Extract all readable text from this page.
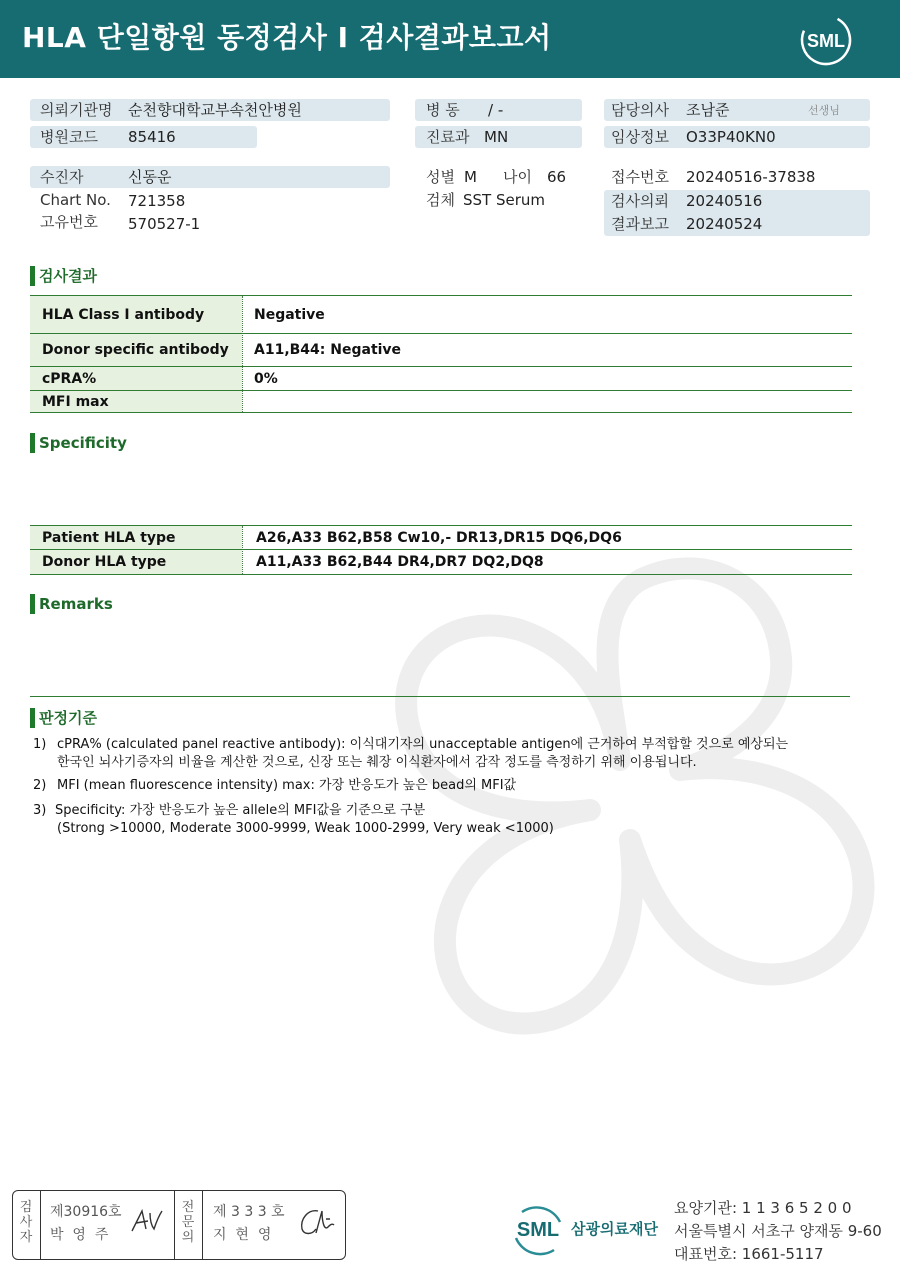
HLA 단일항원 동정검사 I 검사결과보고서	SML
의뢰기관명 순천향대학교부속천안병원
병원코드 85416
수진자	신동운
Chart No. 721358
고유번호 570527-1
병 동 / -
진료과 MN
성별 M 나이 66
검체 SST Serum
담당의사 조남준	선생님
임상정보 O33P40KN0
접수번호 20240516-37838
검사의뢰 20240516
결과보고 20240524
검사결과
HLA Class I antibody	Negative
Donor specific antibody A11,B44: Negative
cPRA%	0%
MFI max
Specificity
Patient HLA type	A26,A33 B62,B58 Cw10,- DR13,DR15 DQ6,DQ6
Donor HLA type	A11,A33 B62,B44 DR4,DR7 DQ2,DQ8
Remarks
판정기준
1) cPRA% (calculated panel reactive antibody): 이식대기자의 unacceptable antigen에 근거하여 부적합할 것으로 예상되는
한국인 뇌사기증자의 비율을 계산한 것으로, 신장 또는 췌장 이식환자에서 감작 정도를 측정하기 위해 이용됩니다.
2) MFI (mean fluorescence intensity) max: 가장 반응도가 높은 bead의 MFI값
3) Specificity: 가장 반응도가 높은 allele의 MFI값을 기준으로 구분
(Strong >10000, Moderate 3000-9999, Weak 1000-2999, Very weak <1000)
검
사
자
제30916호
박  영  주
전
문
의
제 3 3 3 호
지  현  영	SML 삼광의료재단
요양기관: 1 1 3 6 5 2 0 0
서울특별시 서초구 양재동 9-60
대표번호: 1661-5117
